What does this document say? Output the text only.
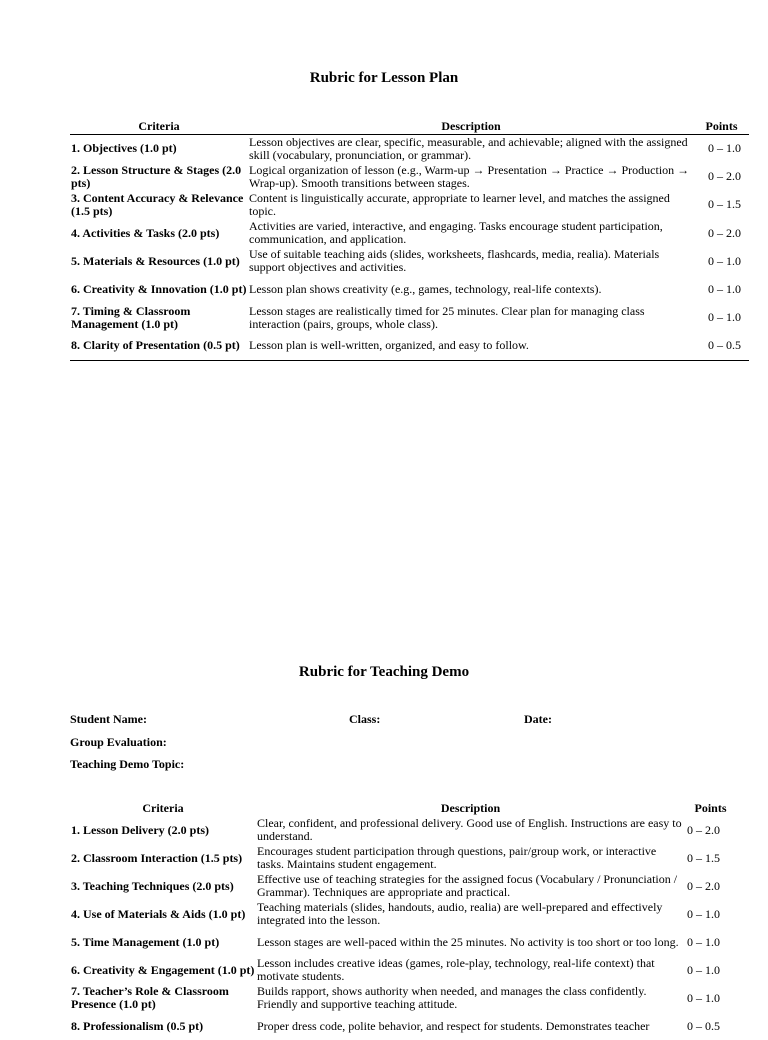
Rubric for Lesson Plan
Criteria	Description	Points
1. Objectives (1.0 pt)	Lesson objectives are clear, specific, measurable, and achievable; aligned with the assigned skill (vocabulary, pronunciation, or grammar).	0 – 1.0
2. Lesson Structure & Stages (2.0 pts)	Logical organization of lesson (e.g., Warm-up → Presentation → Practice → Production → Wrap-up). Smooth transitions between stages.	0 – 2.0
3. Content Accuracy & Relevance (1.5 pts)	Content is linguistically accurate, appropriate to learner level, and matches the assigned topic.	0 – 1.5
4. Activities & Tasks (2.0 pts)	Activities are varied, interactive, and engaging. Tasks encourage student participation, communication, and application.	0 – 2.0
5. Materials & Resources (1.0 pt)	Use of suitable teaching aids (slides, worksheets, flashcards, media, realia). Materials support objectives and activities.	0 – 1.0
6. Creativity & Innovation (1.0 pt)	Lesson plan shows creativity (e.g., games, technology, real-life contexts).	0 – 1.0
7. Timing & Classroom Management (1.0 pt)	Lesson stages are realistically timed for 25 minutes. Clear plan for managing class interaction (pairs, groups, whole class).	0 – 1.0
8. Clarity of Presentation (0.5 pt)	Lesson plan is well-written, organized, and easy to follow.	0 – 0.5
Rubric for Teaching Demo
Student Name:	Class:	Date:
Group Evaluation:
Teaching Demo Topic:
Criteria	Description	Points
1. Lesson Delivery (2.0 pts)	Clear, confident, and professional delivery. Good use of English. Instructions are easy to understand.	0 – 2.0
2. Classroom Interaction (1.5 pts)	Encourages student participation through questions, pair/group work, or interactive tasks. Maintains student engagement.	0 – 1.5
3. Teaching Techniques (2.0 pts)	Effective use of teaching strategies for the assigned focus (Vocabulary / Pronunciation / Grammar). Techniques are appropriate and practical.	0 – 2.0
4. Use of Materials & Aids (1.0 pt)	Teaching materials (slides, handouts, audio, realia) are well-prepared and effectively integrated into the lesson.	0 – 1.0
5. Time Management (1.0 pt)	Lesson stages are well-paced within the 25 minutes. No activity is too short or too long.	0 – 1.0
6. Creativity & Engagement (1.0 pt)	Lesson includes creative ideas (games, role-play, technology, real-life context) that motivate students.	0 – 1.0
7. Teacher’s Role & Classroom Presence (1.0 pt)	Builds rapport, shows authority when needed, and manages the class confidently. Friendly and supportive teaching attitude.	0 – 1.0
8. Professionalism (0.5 pt)	Proper dress code, polite behavior, and respect for students. Demonstrates teacher	0 – 0.5
